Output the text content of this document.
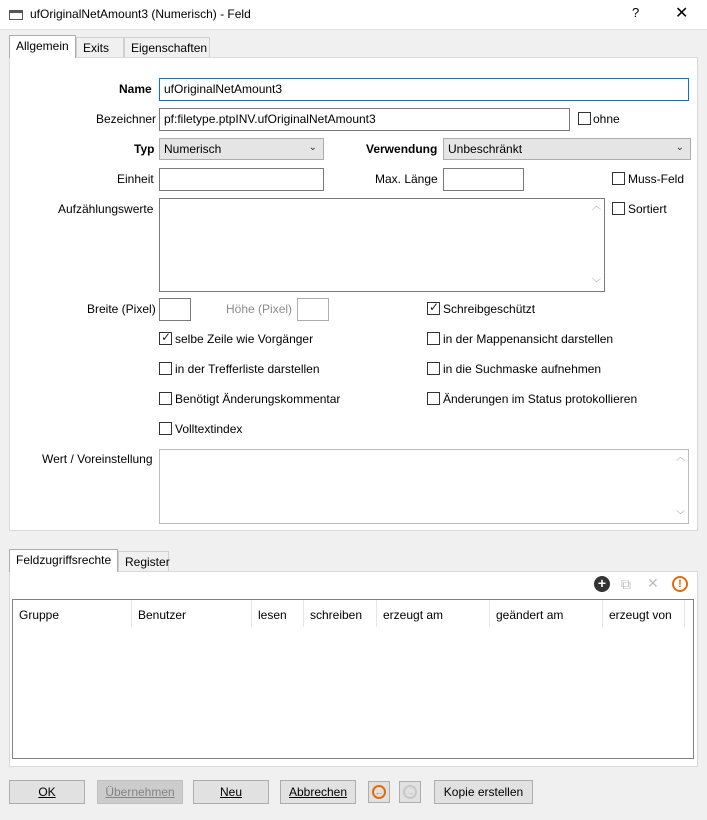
ufOriginalNetAmount3 (Numerisch) - Feld	? ✕
Allgemein	Exits	Eigenschaften
Name	ufOriginalNetAmount3
Bezeichner pf:filetype.ptpINV.ufOriginalNetAmount3	ohne
Typ Numerisch	⌄	Verwendung Unbeschränkt	⌄
Einheit	Max. Länge	Muss-Feld
Aufzählungswerte	︿
﹀
Sortiert
Breite (Pixel)	Höhe (Pixel)
✓	Schreibgeschützt
✓
selbe Zeile wie Vorgänger	in der Mappenansicht darstellen
in der Trefferliste darstellen	in die Suchmaske aufnehmen
Benötigt Änderungskommentar	Änderungen im Status protokollieren
Volltextindex
Wert / Voreinstellung	︿
﹀
Feldzugriffsrechte	Register
+ ⧉ ✕	!
Gruppe	Benutzer	lesen	schreiben	erzeugt am	geändert am	erzeugt von
OK	Übernehmen	Neu	Abbrechen	← →	Kopie erstellen
